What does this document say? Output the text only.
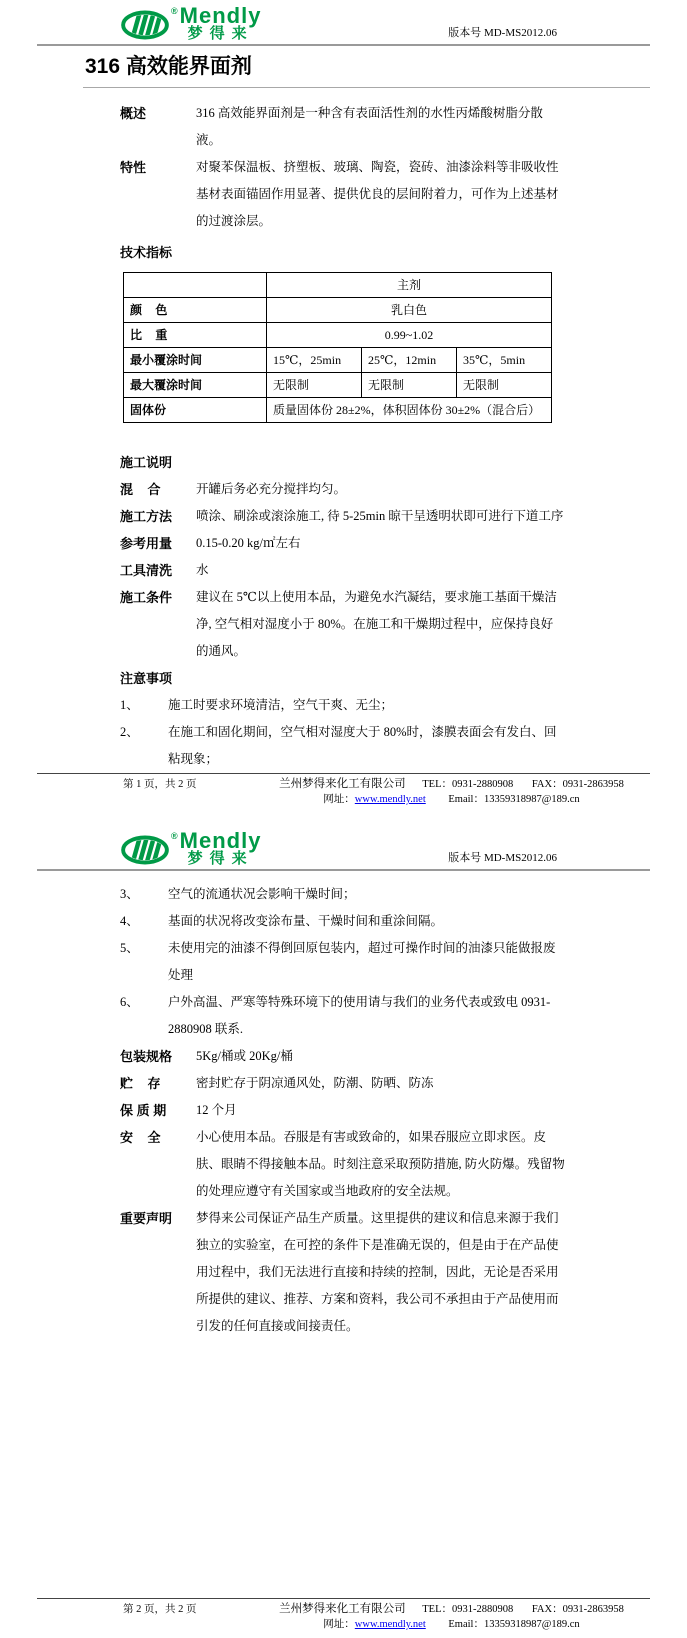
® Mendly
梦得来	版本号 MD-MS2012.06
316 高效能界面剂
概述	316 高效能界面剂是一种含有表面活性剂的水性丙烯酸树脂分散液。
特性	对聚苯保温板、挤塑板、玻璃、陶瓷，瓷砖、油漆涂料等非吸收性基材表面锚固作用显著、提供优良的层间附着力，可作为上述基材的过渡涂层。
技术指标
	主剂		
颜    色	乳白色		
比    重	0.99~1.02		
最小覆涂时间	15℃，25min	25℃，12min	35℃，5min
最大覆涂时间	无限制	无限制	无限制
固体份	质量固体份 28±2%，体积固体份 30±2%（混合后）		
施工说明
混    合	开罐后务必充分搅拌均匀。
施工方法	喷涂、刷涂或滚涂施工, 待 5-25min 晾干呈透明状即可进行下道工序
参考用量	0.15-0.20 kg/㎡左右
工具清洗	水
施工条件	建议在 5℃以上使用本品，为避免水汽凝结，要求施工基面干燥洁净, 空气相对湿度小于 80%。在施工和干燥期过程中，应保持良好的通风。
注意事项
1、	施工时要求环境清洁，空气干爽、无尘；
2、	在施工和固化期间，空气相对湿度大于 80%时，漆膜表面会有发白、回粘现象；
第 1 页，共 2 页	兰州梦得来化工有限公司 TEL：0931-2880908 FAX：0931-2863958
网址：www.mendly.net Email：13359318987@189.cn
® Mendly
梦得来	版本号 MD-MS2012.06
3、	空气的流通状况会影响干燥时间；
4、	基面的状况将改变涂布量、干燥时间和重涂间隔。
5、	未使用完的油漆不得倒回原包装内，超过可操作时间的油漆只能做报废处理
6、	户外高温、严寒等特殊环境下的使用请与我们的业务代表或致电 0931-2880908 联系.
包装规格	5Kg/桶或 20Kg/桶
贮    存	密封贮存于阴凉通风处，防潮、防晒、防冻
保 质 期	12 个月
安    全	小心使用本品。吞服是有害或致命的，如果吞服应立即求医。皮肤、眼睛不得接触本品。时刻注意采取预防措施, 防火防爆。残留物的处理应遵守有关国家或当地政府的安全法规。
重要声明	梦得来公司保证产品生产质量。这里提供的建议和信息来源于我们独立的实验室，在可控的条件下是准确无误的，但是由于在产品使用过程中，我们无法进行直接和持续的控制，因此，无论是否采用所提供的建议、推荐、方案和资料，我公司不承担由于产品使用而引发的任何直接或间接责任。
第 2 页，共 2 页	兰州梦得来化工有限公司 TEL：0931-2880908 FAX：0931-2863958
网址：www.mendly.net Email：13359318987@189.cn
